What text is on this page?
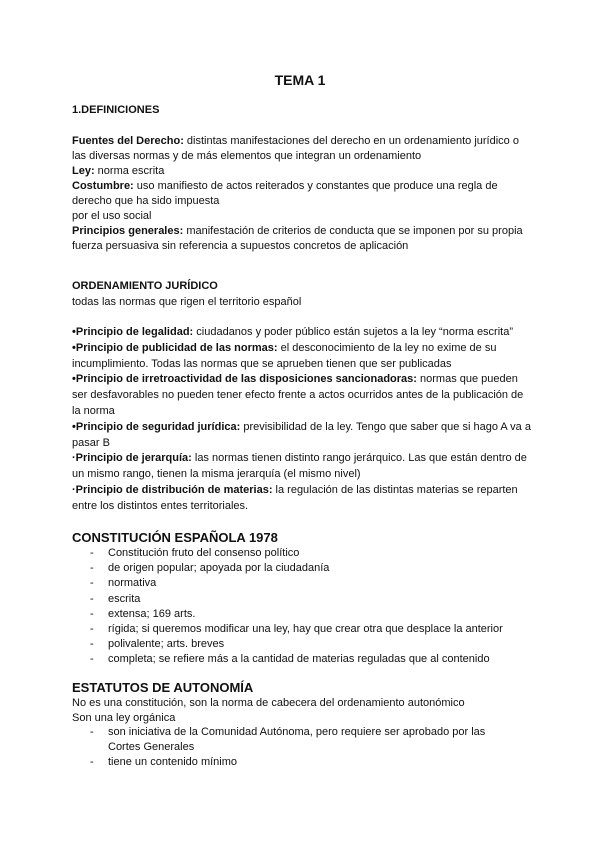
TEMA 1
1.DEFINICIONES

Fuentes del Derecho: distintas manifestaciones del derecho en un ordenamiento jurídico o las diversas normas y de más elementos que integran un ordenamiento

Ley: norma escrita

Costumbre: uso manifiesto de actos reiterados y constantes que produce una regla de derecho que ha sido impuesta

por el uso social

Principios generales: manifestación de criterios de conducta que se imponen por su propia fuerza persuasiva sin referencia a supuestos concretos de aplicación

ORDENAMIENTO JURÍDICO
todas las normas que rigen el territorio español

•Principio de legalidad: ciudadanos y poder público están sujetos a la ley “norma escrita”

•Principio de publicidad de las normas: el desconocimiento de la ley no exime de su incumplimiento. Todas las normas que se aprueben tienen que ser publicadas

•Principio de irretroactividad de las disposiciones sancionadoras: normas que pueden ser desfavorables no pueden tener efecto frente a actos ocurridos antes de la publicación de la norma

•Principio de seguridad jurídica: previsibilidad de la ley. Tengo que saber que si hago A va a pasar B

·Principio de jerarquía: las normas tienen distinto rango jerárquico. Las que están dentro de un mismo rango, tienen la misma jerarquía (el mismo nivel)

·Principio de distribución de materias: la regulación de las distintas materias se reparten entre los distintos entes territoriales.

CONSTITUCIÓN ESPAÑOLA 1978
- Constitución fruto del consenso político
- de origen popular; apoyada por la ciudadanía
- normativa
- escrita
- extensa; 169 arts.
- rígida; si queremos modificar una ley, hay que crear otra que desplace la anterior
- polivalente; arts. breves
- completa; se refiere más a la cantidad de materias reguladas que al contenido
ESTATUTOS DE AUTONOMÍA
No es una constitución, son la norma de cabecera del ordenamiento autonómico
Son una ley orgánica
- son iniciativa de la Comunidad Autónoma, pero requiere ser aprobado por las Cortes Generales
- tiene un contenido mínimo
